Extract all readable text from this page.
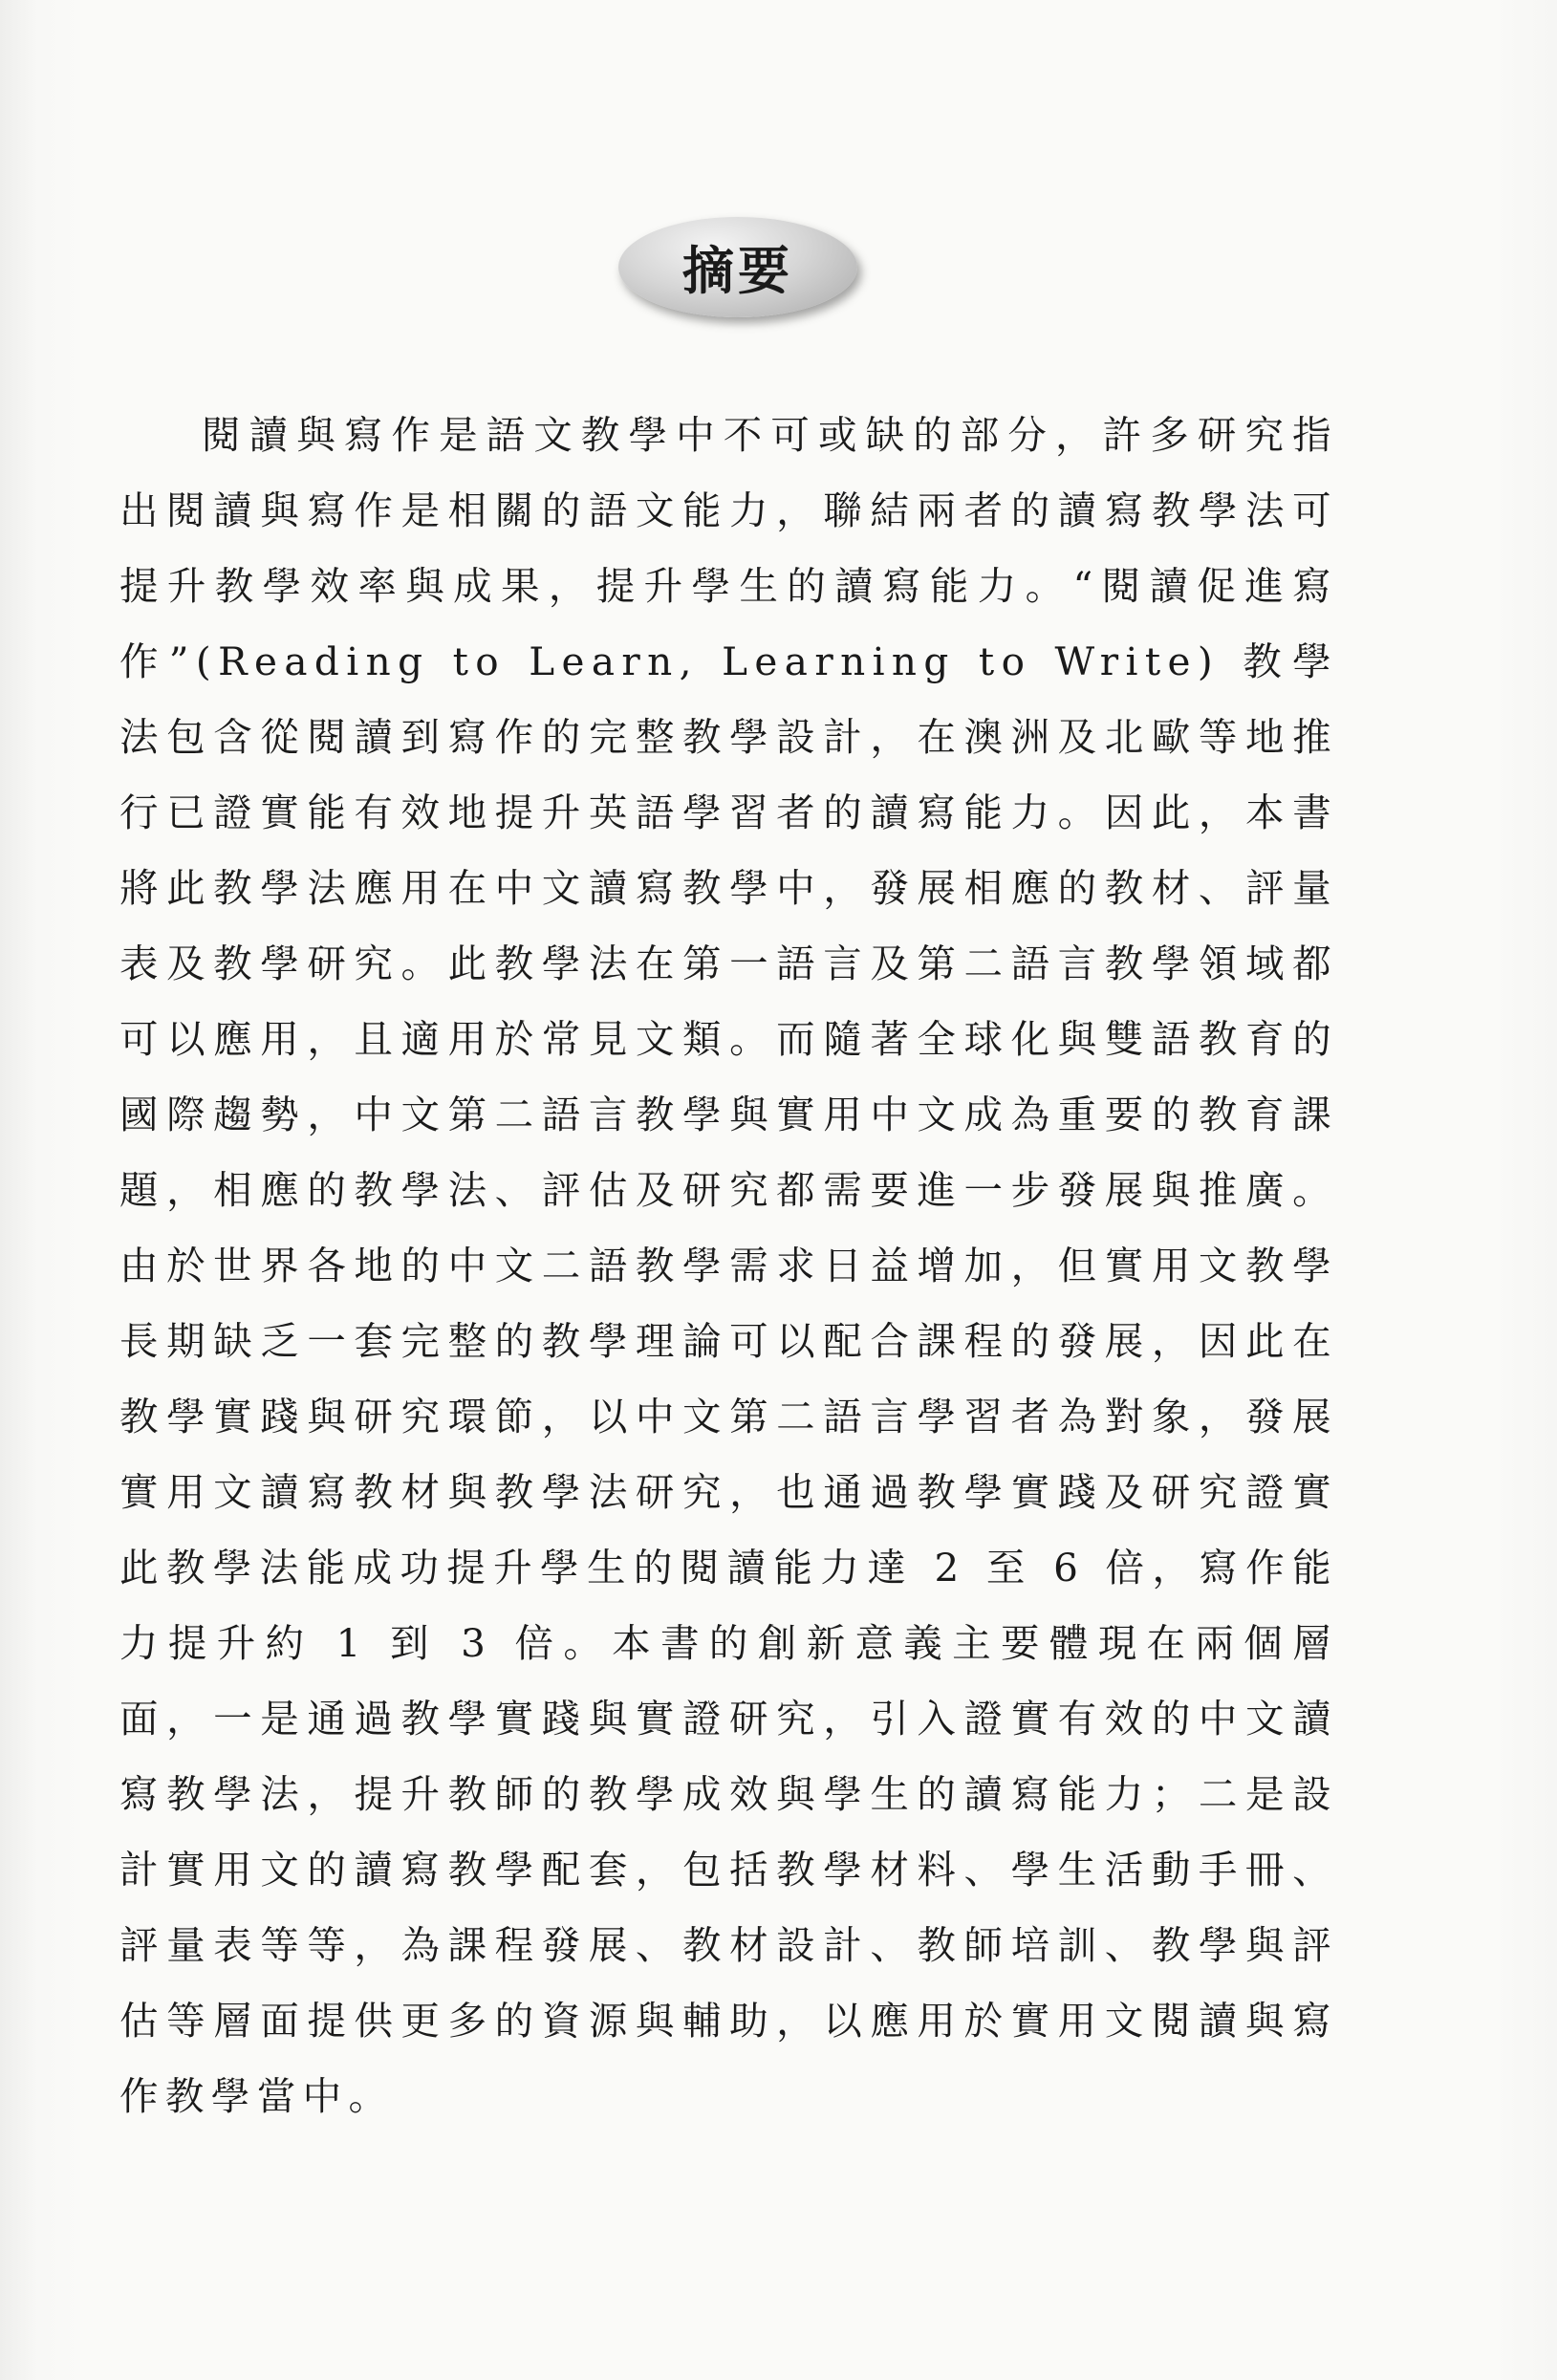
摘要

閱讀與寫作是語文教學中不可或缺的部分，許多研究指出閱讀與寫作是相關的語文能力，聯結兩者的讀寫教學法可提升教學效率與成果，提升學生的讀寫能力。“閱讀促進寫作”(Reading to Learn, Learning to Write) 教學法包含從閱讀到寫作的完整教學設計，在澳洲及北歐等地推行已證實能有效地提升英語學習者的讀寫能力。因此，本書將此教學法應用在中文讀寫教學中，發展相應的教材、評量表及教學研究。此教學法在第一語言及第二語言教學領域都可以應用，且適用於常見文類。而隨著全球化與雙語教育的國際趨勢，中文第二語言教學與實用中文成為重要的教育課題，相應的教學法、評估及研究都需要進一步發展與推廣。由於世界各地的中文二語教學需求日益增加，但實用文教學長期缺乏一套完整的教學理論可以配合課程的發展，因此在教學實踐與研究環節，以中文第二語言學習者為對象，發展實用文讀寫教材與教學法研究，也通過教學實踐及研究證實此教學法能成功提升學生的閱讀能力達 2 至 6 倍，寫作能力提升約 1 到 3 倍。本書的創新意義主要體現在兩個層面，一是通過教學實踐與實證研究，引入證實有效的中文讀寫教學法，提升教師的教學成效與學生的讀寫能力；二是設計實用文的讀寫教學配套，包括教學材料、學生活動手冊、評量表等等，為課程發展、教材設計、教師培訓、教學與評估等層面提供更多的資源與輔助，以應用於實用文閱讀與寫作教學當中。
